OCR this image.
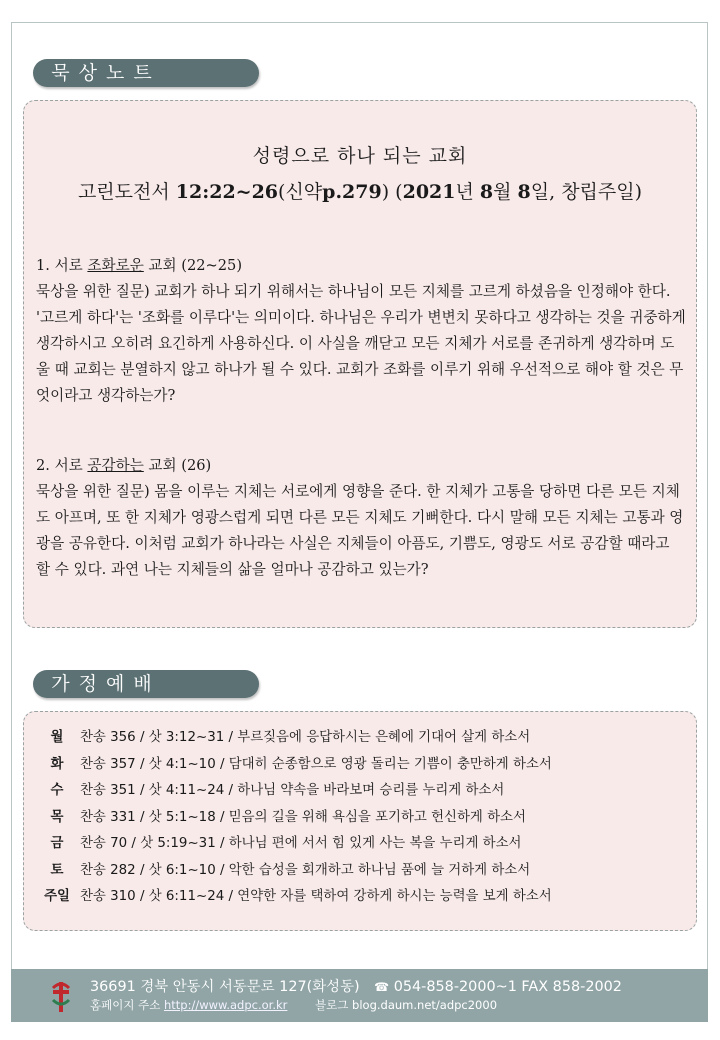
묵상노트
성령으로 하나 되는 교회
고린도전서 12:22~26(신약p.279) (2021년 8월 8일, 창립주일)
1. 서로 조화로운 교회 (22~25)
묵상을 위한 질문) 교회가 하나 되기 위해서는 하나님이 모든 지체를 고르게 하셨음을 인정해야 한다. '고르게 하다'는 '조화를 이루다'는 의미이다. 하나님은 우리가 변변치 못하다고 생각하는 것을 귀중하게 생각하시고 오히려 요긴하게 사용하신다. 이 사실을 깨닫고 모든 지체가 서로를 존귀하게 생각하며 도울 때 교회는 분열하지 않고 하나가 될 수 있다. 교회가 조화를 이루기 위해 우선적으로 해야 할 것은 무엇이라고 생각하는가?
2. 서로 공감하는 교회 (26)
묵상을 위한 질문) 몸을 이루는 지체는 서로에게 영향을 준다. 한 지체가 고통을 당하면 다른 모든 지체도 아프며, 또 한 지체가 영광스럽게 되면 다른 모든 지체도 기뻐한다. 다시 말해 모든 지체는 고통과 영광을 공유한다. 이처럼 교회가 하나라는 사실은 지체들이 아픔도, 기쁨도, 영광도 서로 공감할 때라고 할 수 있다. 과연 나는 지체들의 삶을 얼마나 공감하고 있는가?
가정예배
월	찬송 356 / 삿 3:12~31 / 부르짖음에 응답하시는 은혜에 기대어 살게 하소서
화	찬송 357 / 삿 4:1~10 / 담대히 순종함으로 영광 돌리는 기쁨이 충만하게 하소서
수	찬송 351 / 삿 4:11~24 / 하나님 약속을 바라보며 승리를 누리게 하소서
목	찬송 331 / 삿 5:1~18 / 믿음의 길을 위해 욕심을 포기하고 헌신하게 하소서
금	찬송 70 / 삿 5:19~31 / 하나님 편에 서서 힘 있게 사는 복을 누리게 하소서
토	찬송 282 / 삿 6:1~10 / 악한 습성을 회개하고 하나님 품에 늘 거하게 하소서
주일 찬송 310 / 삿 6:11~24 / 연약한 자를 택하여 강하게 하시는 능력을 보게 하소서
36691 경북 안동시 서동문로 127(화성동) ☎ 054-858-2000~1 FAX 858-2002
홈페이지 주소 http://www.adpc.or.kr 블로그 blog.daum.net/adpc2000
